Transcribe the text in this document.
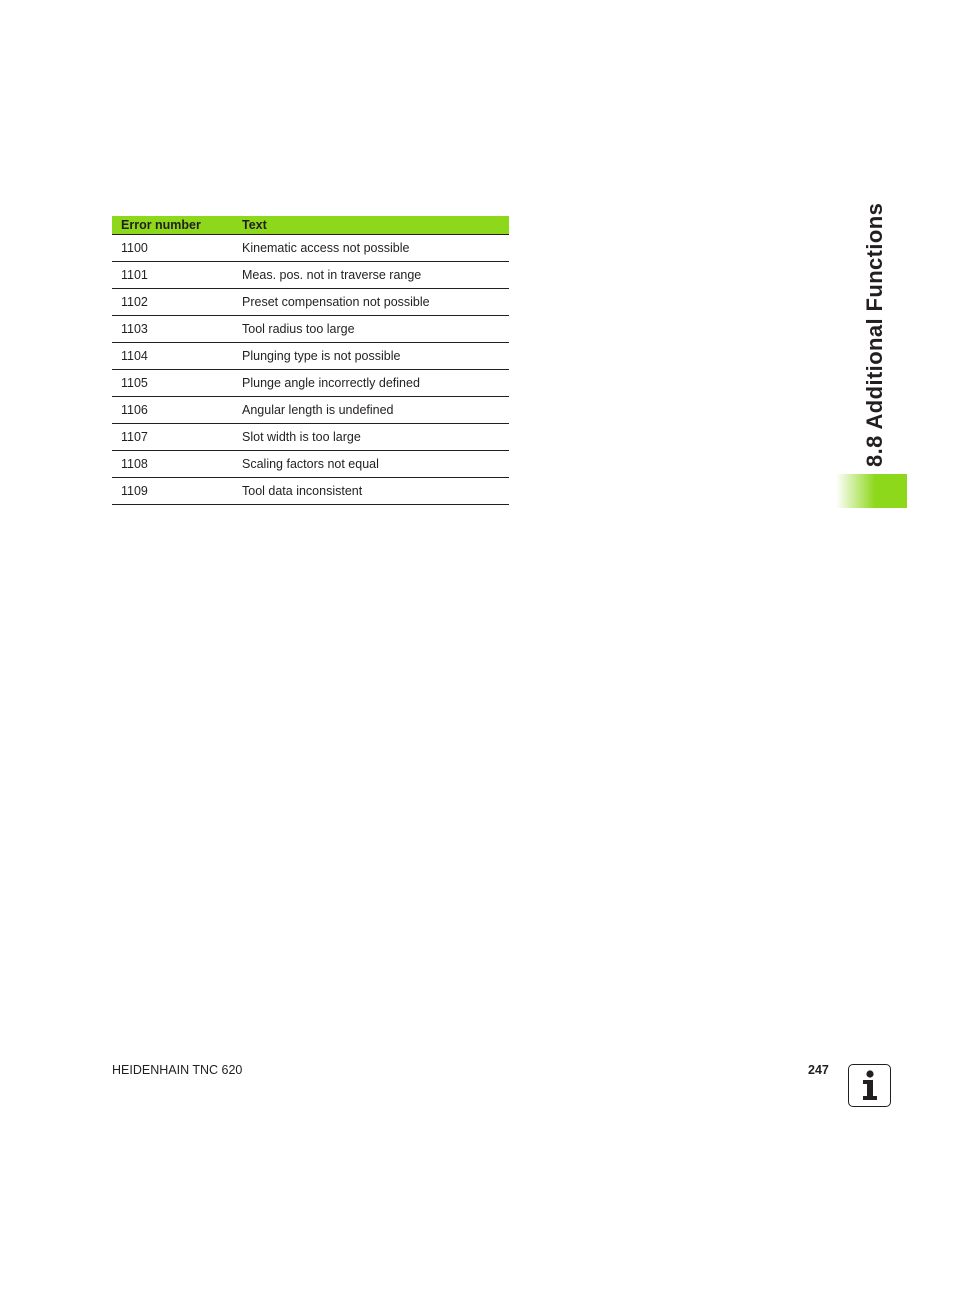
Error number	Text
1100	Kinematic access not possible
1101	Meas. pos. not in traverse range
1102	Preset compensation not possible
1103	Tool radius too large
1104	Plunging type is not possible
1105	Plunge angle incorrectly defined
1106	Angular length is undefined
1107	Slot width is too large
1108	Scaling factors not equal
1109	Tool data inconsistent
8.8 Additional Functions
HEIDENHAIN TNC 620	247
